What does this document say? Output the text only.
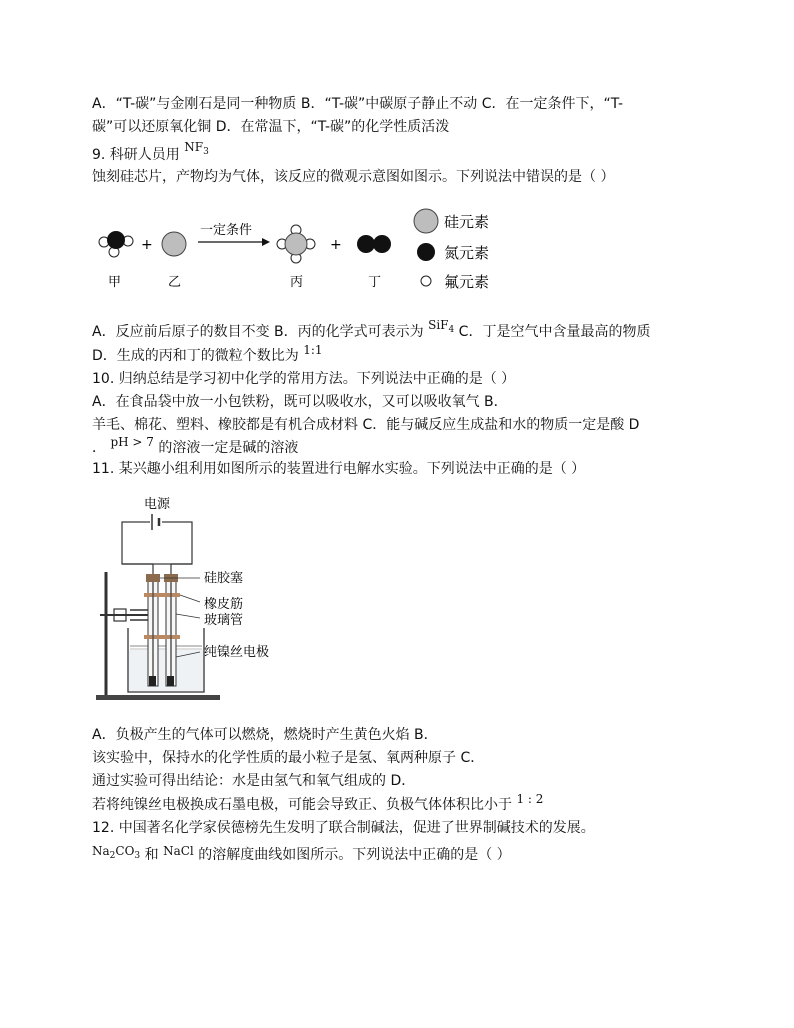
A．“T-碳”与金刚石是同一种物质 B．“T-碳”中碳原子静止不动 C．在一定条件下，“T-
碳”可以还原氧化铜 D．在常温下，“T-碳”的化学性质活泼
9. 科研人员用 $NF_3$
蚀刻硅芯片，产物均为气体，该反应的微观示意图如图示。下列说法中错误的是（ ）
+
一定条件
+
甲	乙	丙	丁
硅元素
氮元素
氟元素
A．反应前后原子的数目不变 B．丙的化学式可表示为 SiF$_4$ C．丁是空气中含量最高的物质
D．生成的丙和丁的微粒个数比为 1:1
10. 归纳总结是学习初中化学的常用方法。下列说法中正确的是（ ）
A．在食品袋中放一小包铁粉，既可以吸收水，又可以吸收氧气 B．
羊毛、棉花、塑料、橡胶都是有机合成材料 C．能与碱反应生成盐和水的物质一定是酸 D
． pH > 7 的溶液一定是碱的溶液
11. 某兴趣小组利用如图所示的装置进行电解水实验。下列说法中正确的是（ ）
电源
硅胶塞
橡皮筋
玻璃管
纯镍丝电极
A．负极产生的气体可以燃烧，燃烧时产生黄色火焰 B．
该实验中，保持水的化学性质的最小粒子是氢、氧两种原子 C．
通过实验可得出结论：水是由氢气和氧气组成的 D．
若将纯镍丝电极换成石墨电极，可能会导致正、负极气体体积比小于 1 : 2
12. 中国著名化学家侯德榜先生发明了联合制碱法，促进了世界制碱技术的发展。
$Na_2CO_3$ 和 NaCl 的溶解度曲线如图所示。下列说法中正确的是（ ）
